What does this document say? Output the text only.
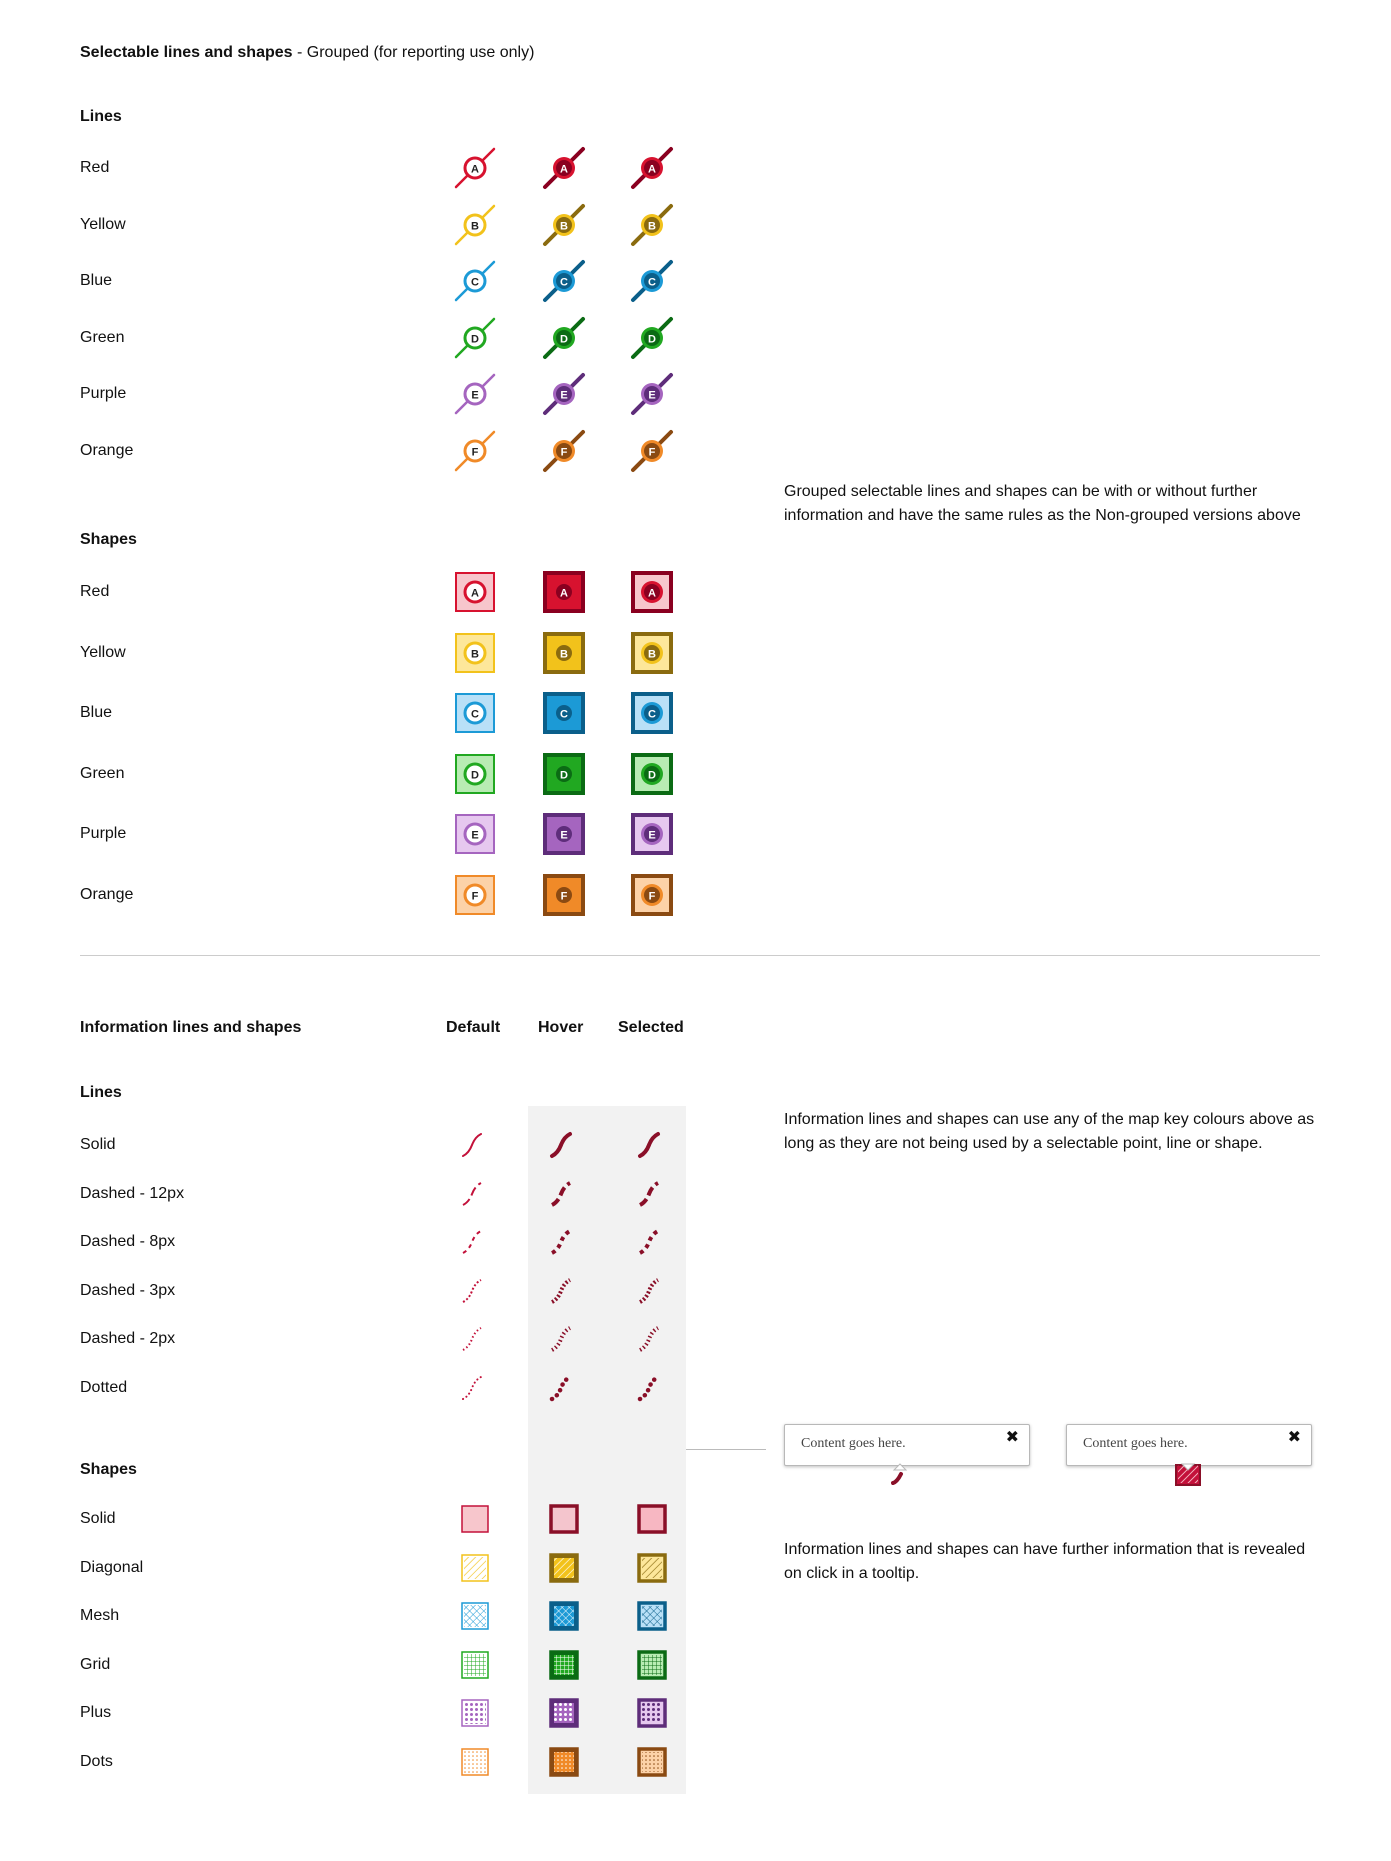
Selectable lines and shapes - Grouped (for reporting use only)
Lines
Red	A	A	A
Yellow	B	B	B
Blue	C	C	C
Green	D	D	D
Purple	E	E	E
Orange	F	F	F
Shapes
Red	A	A	A
Yellow	B	B	B
Blue	C	C	C
Green	D	D	D
Purple	E	E	E
Orange	F	F	F
Grouped selectable lines and shapes can be with or without further information and have the same rules as the Non-grouped versions above
Information lines and shapes	Default Hover Selected
Lines
Solid
Dashed - 12px
Dashed - 8px
Dashed - 3px
Dashed - 2px
Dotted
Shapes
Solid
Diagonal
Mesh
Grid
Plus
Dots
Information lines and shapes can use any of the map key colours above as long as they are not being used by a selectable point, line or shape.
Information lines and shapes can have further information that is revealed on click in a tooltip.
Content goes here.	✖	Content goes here.	✖
